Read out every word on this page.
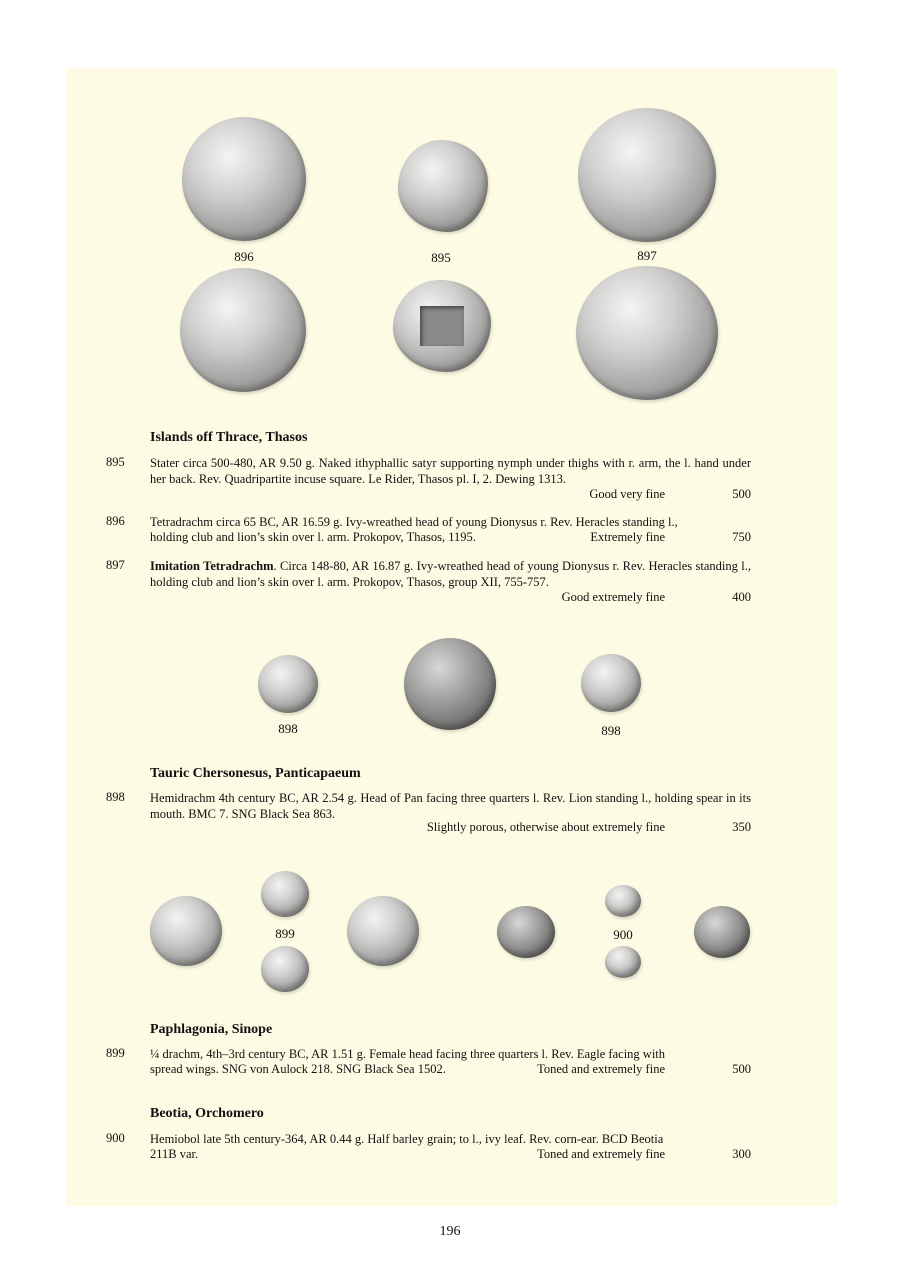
896	895	897
Islands off Thrace, Thasos
895 Stater circa 500-480, AR 9.50 g. Naked ithyphallic satyr supporting nymph under thighs with r. arm, the l. hand under her back. Rev. Quadripartite incuse square. Le Rider, Thasos pl. I, 2. Dewing 1313.
Good very fine	500
896 Tetradrachm circa 65 BC, AR 16.59 g. Ivy-wreathed head of young Dionysus r. Rev. Heracles standing l.,
holding club and lion’s skin over l. arm. Prokopov, Thasos, 1195.	Extremely fine	750
897 Imitation Tetradrachm. Circa 148-80, AR 16.87 g. Ivy-wreathed head of young Dionysus r. Rev. Heracles standing l., holding club and lion’s skin over l. arm. Prokopov, Thasos, group XII, 755-757.
Good extremely fine	400
898	898
Tauric Chersonesus, Panticapaeum
898 Hemidrachm 4th century BC, AR 2.54 g. Head of Pan facing three quarters l. Rev. Lion standing l., holding spear in its mouth. BMC 7. SNG Black Sea 863.
Slightly porous, otherwise about extremely fine	350
899	900
Paphlagonia, Sinope
899 ¼ drachm, 4th–3rd century BC, AR 1.51 g. Female head facing three quarters l. Rev. Eagle facing with
spread wings. SNG von Aulock 218. SNG Black Sea 1502.	Toned and extremely fine	500
Beotia, Orchomero
900 Hemiobol late 5th century-364, AR 0.44 g. Half barley grain; to l., ivy leaf. Rev. corn-ear. BCD Beotia
211B var.	Toned and extremely fine	300
196
